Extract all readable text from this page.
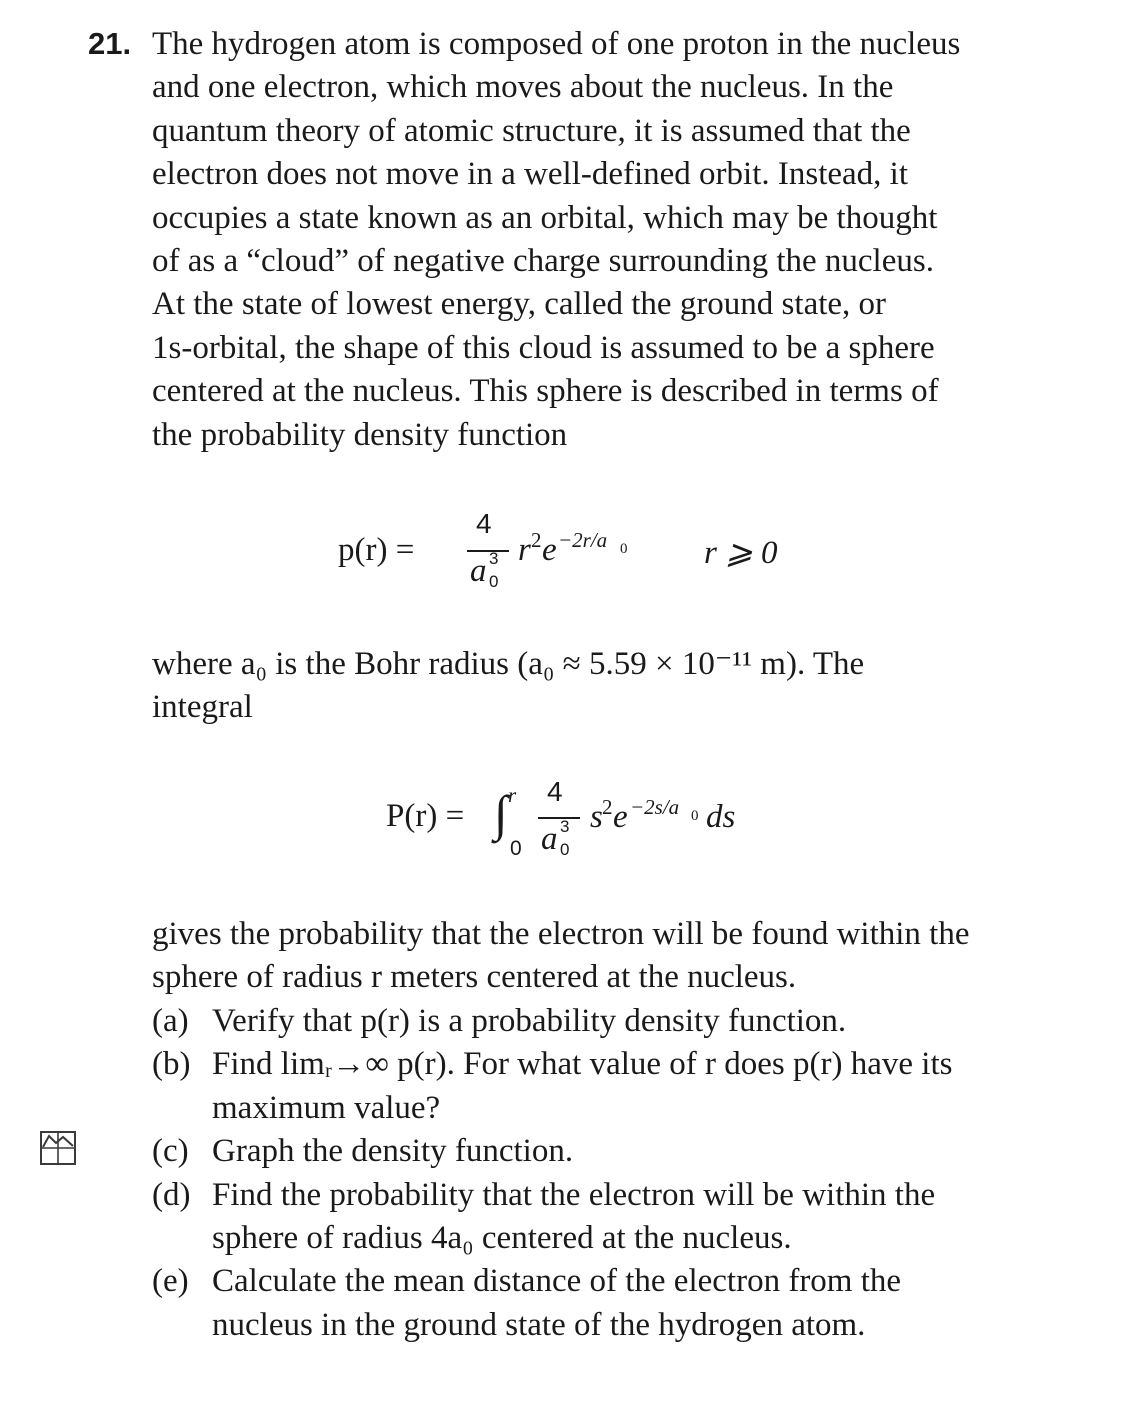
21. The hydrogen atom is composed of one proton in the nucleus
and one electron, which moves about the nucleus. In the
quantum theory of atomic structure, it is assumed that the
electron does not move in a well-defined orbit. Instead, it
occupies a state known as an orbital, which may be thought
of as a “cloud” of negative charge surrounding the nucleus.
At the state of lowest energy, called the ground state, or
1s-orbital, the shape of this cloud is assumed to be a sphere
centered at the nucleus. This sphere is described in terms of
the probability density function
p(r) =
4
a 3
0
r 2 e −2r/a 0 r ⩾ 0
where a₀ is the Bohr radius (a₀ ≈ 5.59 × 10⁻¹¹ m). The
integral
P(r) = ∫ r
0
4
a 3
0
s 2 e −2s/a 0 ds
gives the probability that the electron will be found within the
sphere of radius r meters centered at the nucleus.
(a) Verify that p(r) is a probability density function.
(b) Find limᵣ→∞ p(r). For what value of r does p(r) have its
maximum value?
(c) Graph the density function.
(d) Find the probability that the electron will be within the
sphere of radius 4a₀ centered at the nucleus.
(e) Calculate the mean distance of the electron from the
nucleus in the ground state of the hydrogen atom.
